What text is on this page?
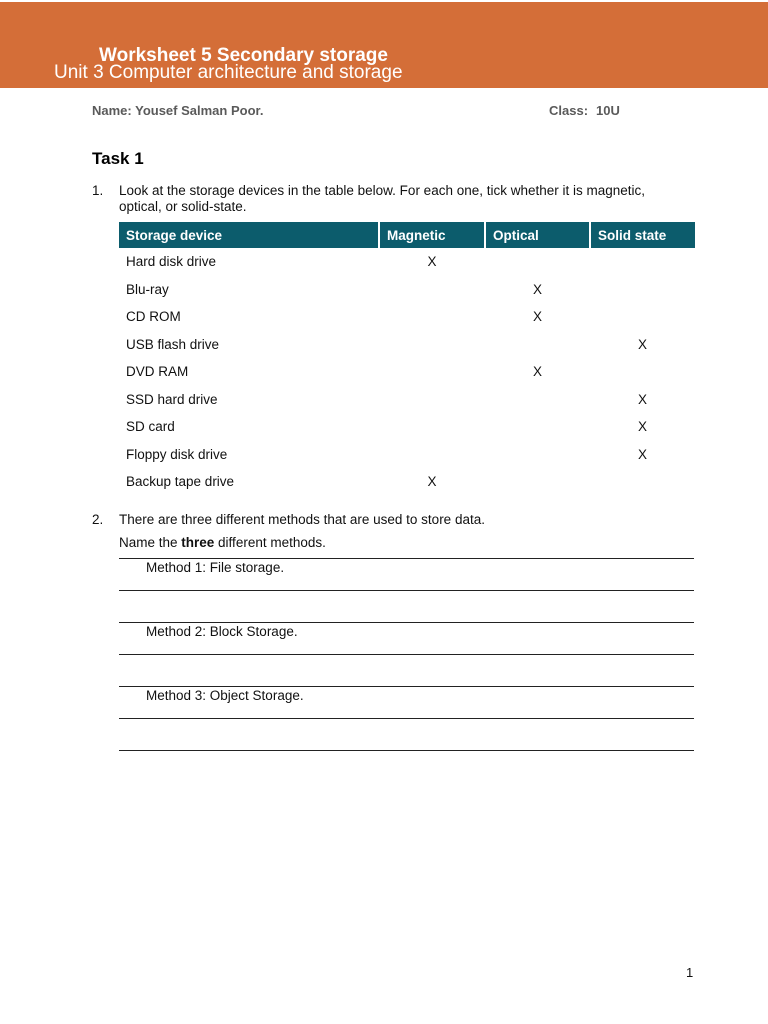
Worksheet 5 Secondary storage
Unit 3 Computer architecture and storage
Name: Yousef Salman Poor.	Class: 10U
Task 1
1. Look at the storage devices in the table below. For each one, tick whether it is magnetic, optical, or solid-state.
Storage device	Magnetic	Optical	Solid state
Hard disk drive	X		
Blu-ray		X	
CD ROM		X	
USB flash drive			X
DVD RAM		X	
SSD hard drive			X
SD card			X
Floppy disk drive			X
Backup tape drive	X		
2. There are three different methods that are used to store data.
Name the three different methods.
Method 1: File storage.
Method 2: Block Storage.
Method 3: Object Storage.
1
